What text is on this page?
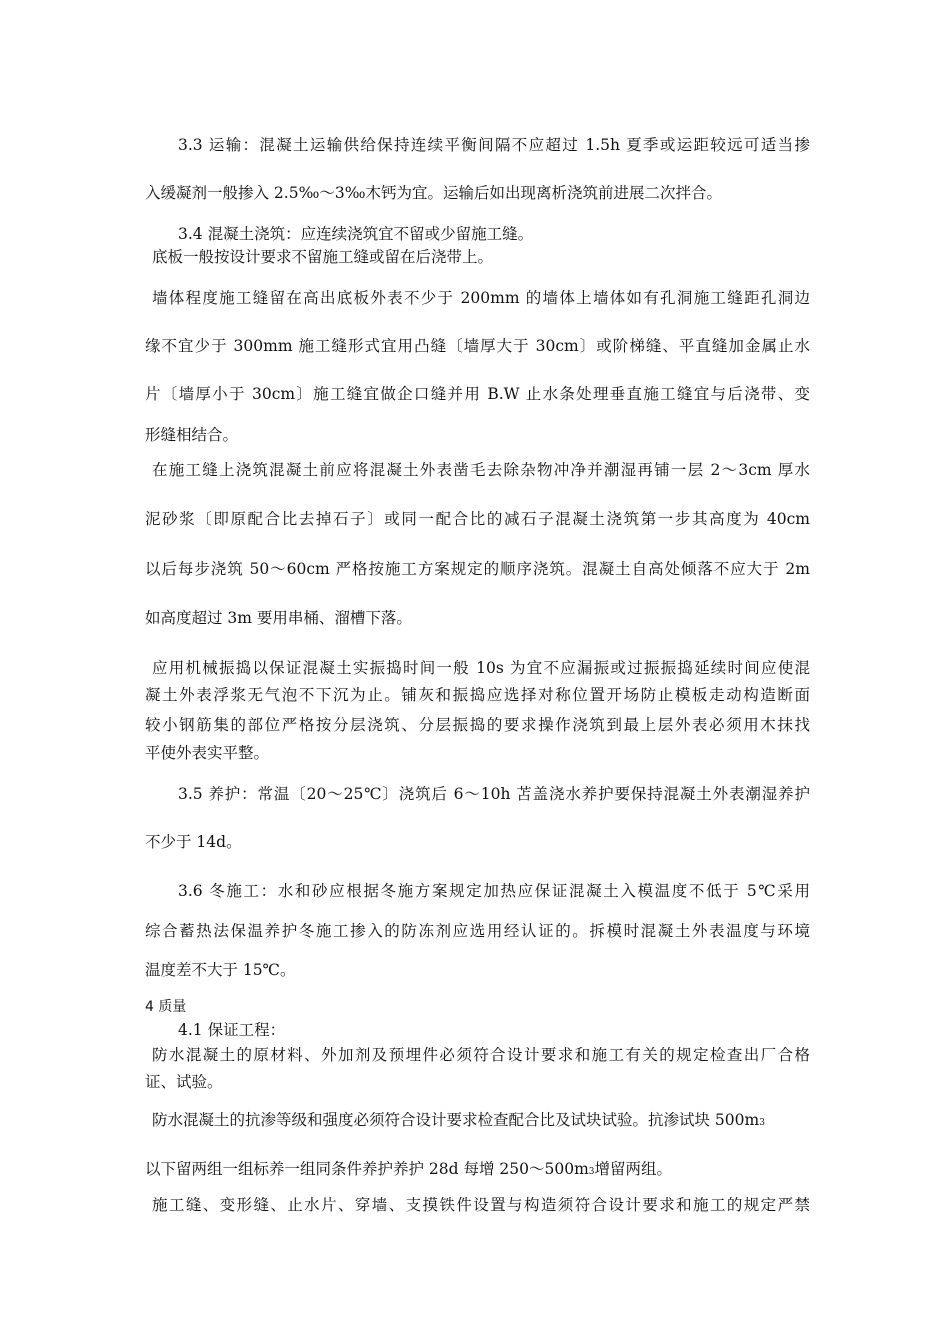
3.3 运输：混凝土运输供给保持连续平衡间隔不应超过 1.5h 夏季或运距较远可适当掺
入缓凝剂一般掺入 2.5‰～3‰木钙为宜。运输后如出现离析浇筑前进展二次拌合。
3.4 混凝土浇筑：应连续浇筑宜不留或少留施工缝。
底板一般按设计要求不留施工缝或留在后浇带上。
墙体程度施工缝留在高出底板外表不少于 200mm 的墙体上墙体如有孔洞施工缝距孔洞边
缘不宜少于 300mm 施工缝形式宜用凸缝〔墙厚大于 30cm〕或阶梯缝、平直缝加金属止水
片〔墙厚小于 30cm〕施工缝宜做企口缝并用 B.W 止水条处理垂直施工缝宜与后浇带、变
形缝相结合。
在施工缝上浇筑混凝土前应将混凝土外表凿毛去除杂物冲净并潮湿再铺一层 2～3cm 厚水
泥砂浆〔即原配合比去掉石子〕或同一配合比的减石子混凝土浇筑第一步其高度为 40cm
以后每步浇筑 50～60cm 严格按施工方案规定的顺序浇筑。混凝土自高处倾落不应大于 2m
如高度超过 3m 要用串桶、溜槽下落。
应用机械振捣以保证混凝土实振捣时间一般 10s 为宜不应漏振或过振振捣延续时间应使混
凝土外表浮浆无气泡不下沉为止。铺灰和振捣应选择对称位置开场防止模板走动构造断面
较小钢筋集的部位严格按分层浇筑、分层振捣的要求操作浇筑到最上层外表必须用木抹找
平使外表实平整。
3.5 养护：常温〔20～25℃〕浇筑后 6～10h 苫盖浇水养护要保持混凝土外表潮湿养护
不少于 14d。
3.6 冬施工：水和砂应根据冬施方案规定加热应保证混凝土入模温度不低于 5℃采用
综合蓄热法保温养护冬施工掺入的防冻剂应选用经认证的。拆模时混凝土外表温度与环境
温度差不大于 15℃。
4 质量
4.1 保证工程：
防水混凝土的原材料、外加剂及预埋件必须符合设计要求和施工有关的规定检查出厂合格
证、试验。
防水混凝土的抗渗等级和强度必须符合设计要求检查配合比及试块试验。抗渗试块 500m3
以下留两组一组标养一组同条件养护养护 28d 每增 250～500m3增留两组。
施工缝、变形缝、止水片、穿墙、支摸铁件设置与构造须符合设计要求和施工的规定严禁
